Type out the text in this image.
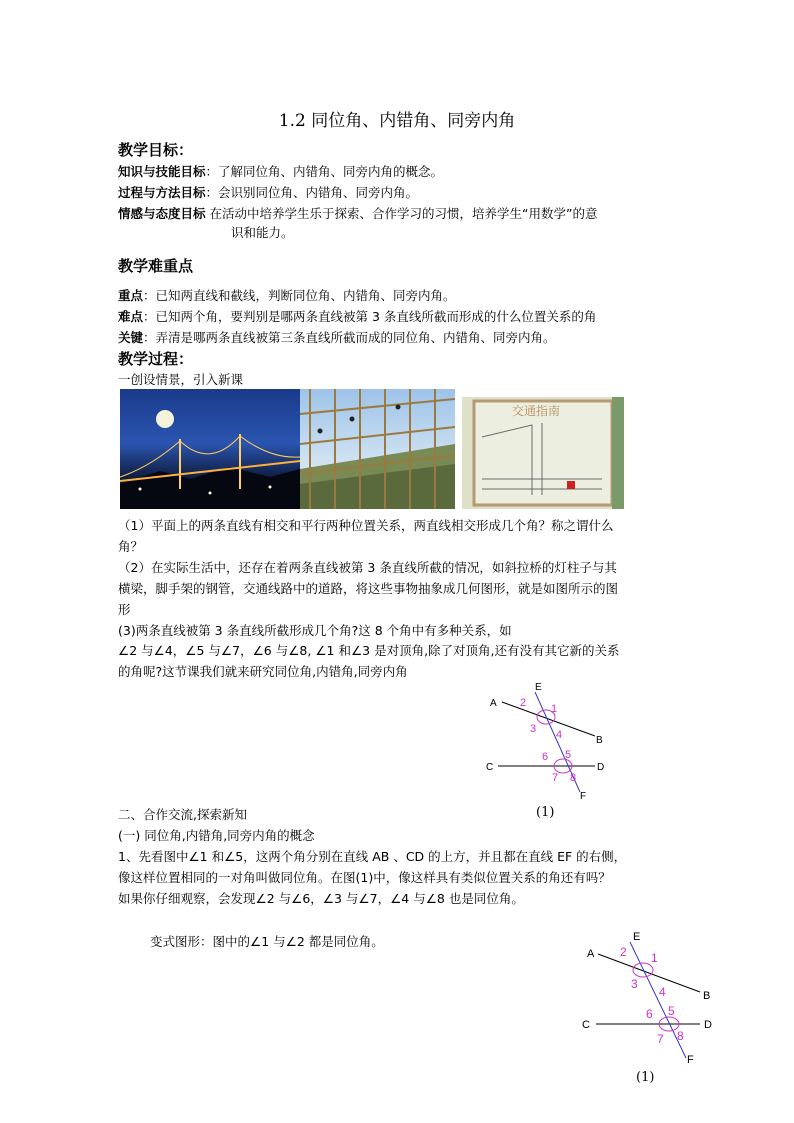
1.2 同位角、内错角、同旁内角
教学目标：
知识与技能目标：了解同位角、内错角、同旁内角的概念。
过程与方法目标：会识别同位角、内错角、同旁内角。
情感与态度目标 在活动中培养学生乐于探索、合作学习的习惯，培养学生“用数学”的意
识和能力。
教学难重点
重点：已知两直线和截线，判断同位角、内错角、同旁内角。
难点：已知两个角，要判别是哪两条直线被第 3 条直线所截而形成的什么位置关系的角
关键：弄清是哪两条直线被第三条直线所截而成的同位角、内错角、同旁内角。
教学过程：
一创设情景，引入新课
交通指南
（1）平面上的两条直线有相交和平行两种位置关系，两直线相交形成几个角？称之谓什么
角？
（2）在实际生活中，还存在着两条直线被第 3 条直线所截的情况，如斜拉桥的灯柱子与其
横梁，脚手架的钢管，交通线路中的道路，将这些事物抽象成几何图形，就是如图所示的图
形
(3)两条直线被第 3 条直线所截形成几个角?这 8 个角中有多种关系，如
∠2 与∠4，∠5 与∠7，∠6 与∠8, ∠1 和∠3 是对顶角,除了对顶角,还有没有其它新的关系
的角呢?这节课我们就来研究同位角,内错角,同旁内角
A
B
C	D
E
F
1
2
3 4
5
6
7 8
(1)
二、合作交流,探索新知
(一) 同位角,内错角,同旁内角的概念
1、先看图中∠1 和∠5，这两个角分别在直线 AB 、CD 的上方，并且都在直线 EF 的右侧，
像这样位置相同的一对角叫做同位角。在图(1)中，像这样具有类似位置关系的角还有吗？
如果你仔细观察，会发现∠2 与∠6，∠3 与∠7，∠4 与∠8 也是同位角。
变式图形：图中的∠1 与∠2 都是同位角。
A
B
C	D
E
F
1
2
3
4
5
6
7 8
(1)
